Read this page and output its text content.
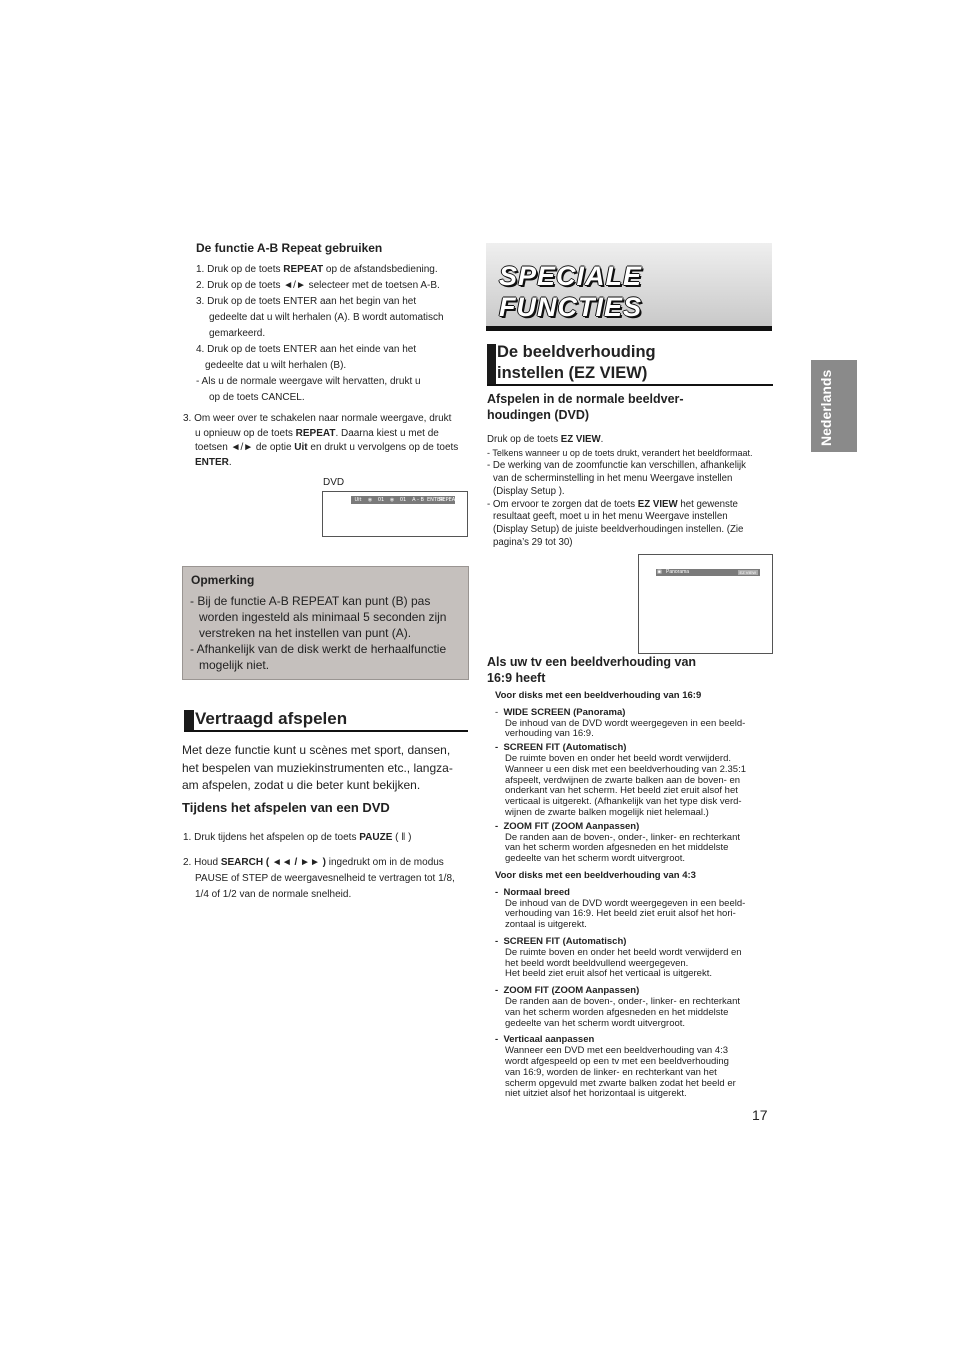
De functie A-B Repeat gebruiken
1. Druk op de toets REPEAT op de afstandsbediening.
2. Druk op de toets ◄/► selecteer met de toetsen A-B.
3. Druk op de toets ENTER aan het begin van het
gedeelte dat u wilt herhalen (A). B wordt automatisch
gemarkeerd.
4. Druk op de toets ENTER aan het einde van het
gedeelte dat u wilt herhalen (B).
- Als u de normale weergave wilt hervatten, drukt u
op de toets CANCEL.
3. Om weer over te schakelen naar normale weergave, drukt
u opnieuw op de toets REPEAT. Daarna kiest u met de
toetsen ◄/► de optie Uit en drukt u vervolgens op de toets
ENTER.
DVD
Uit	◉	01	◉	01	A - B ENTER
REPEAT
Opmerking
- Bij de functie A-B REPEAT kan punt (B) pas
worden ingesteld als minimaal 5 seconden zijn
verstreken na het instellen van punt (A).
- Afhankelijk van de disk werkt de herhaalfunctie
mogelijk niet.
Vertraagd afspelen
Met deze functie kunt u scènes met sport, dansen,
het bespelen van muziekinstrumenten etc., langza-
am afspelen, zodat u die beter kunt bekijken.
Tijdens het afspelen van een DVD
1. Druk tijdens het afspelen op de toets PAUZE ( ‖ )
2. Houd SEARCH ( ◄◄ / ►► ) ingedrukt om in de modus
PAUSE of STEP de weergavesnelheid te vertragen tot 1/8,
1/4 of 1/2 van de normale snelheid.
SPECIALE
FUNCTIES
Nederlands
De beeldverhouding
instellen (EZ VIEW)
Afspelen in de normale beeldver-
houdingen (DVD)
Druk op de toets EZ VIEW.
- Telkens wanneer u op de toets drukt, verandert het beeldformaat.
- De werking van de zoomfunctie kan verschillen, afhankelijk
van de scherminstelling in het menu Weergave instellen
(Display Setup ).
- Om ervoor te zorgen dat de toets EZ VIEW het gewenste
resultaat geeft, moet u in het menu Weergave instellen
(Display Setup) de juiste beeldverhoudingen instellen. (Zie
pagina’s 29 tot 30)
▣ Panorama	EZ VIEW
Als uw tv een beeldverhouding van
16:9 heeft
Voor disks met een beeldverhouding van 16:9
-  WIDE SCREEN (Panorama)
De inhoud van de DVD wordt weergegeven in een beeld-
verhouding van 16:9.
-  SCREEN FIT (Automatisch)
De ruimte boven en onder het beeld wordt verwijderd.
Wanneer u een disk met een beeldverhouding van 2.35:1
afspeelt, verdwijnen de zwarte balken aan de boven- en
onderkant van het scherm. Het beeld ziet eruit alsof het
verticaal is uitgerekt. (Afhankelijk van het type disk verd-
wijnen de zwarte balken mogelijk niet helemaal.)
-  ZOOM FIT (ZOOM Aanpassen)
De randen aan de boven-, onder-, linker- en rechterkant
van het scherm worden afgesneden en het middelste
gedeelte van het scherm wordt uitvergroot.
Voor disks met een beeldverhouding van 4:3
-  Normaal breed
De inhoud van de DVD wordt weergegeven in een beeld-
verhouding van 16:9. Het beeld ziet eruit alsof het hori-
zontaal is uitgerekt.
-  SCREEN FIT (Automatisch)
De ruimte boven en onder het beeld wordt verwijderd en
het beeld wordt beeldvullend weergegeven.
Het beeld ziet eruit alsof het verticaal is uitgerekt.
-  ZOOM FIT (ZOOM Aanpassen)
De randen aan de boven-, onder-, linker- en rechterkant
van het scherm worden afgesneden en het middelste
gedeelte van het scherm wordt uitvergroot.
-  Verticaal aanpassen
Wanneer een DVD met een beeldverhouding van 4:3
wordt afgespeeld op een tv met een beeldverhouding
van 16:9, worden de linker- en rechterkant van het
scherm opgevuld met zwarte balken zodat het beeld er
niet uitziet alsof het horizontaal is uitgerekt.
17
